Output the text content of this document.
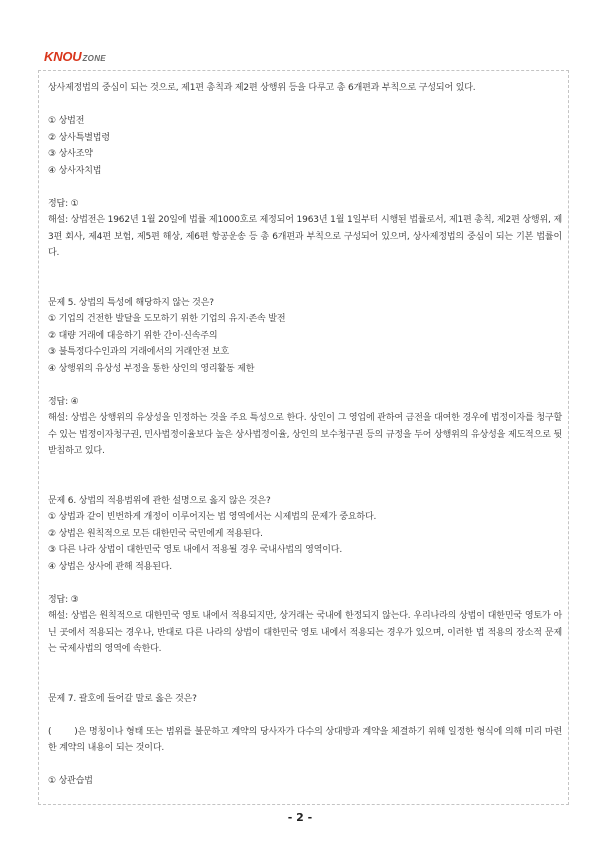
KNOU ZONE

상사제정법의 중심이 되는 것으로, 제1편 총칙과 제2편 상행위 등을 다루고 총 6개편과 부칙으로 구성되어 있다.

① 상법전

② 상사특별법령

③ 상사조약

④ 상사자치법

정답: ①

해설: 상법전은 1962년 1월 20일에 법률 제1000호로 제정되어 1963년 1월 1일부터 시행된 법률로서, 제1편 총칙, 제2편 상행위, 제3편 회사, 제4편 보험, 제5편 해상, 제6편 항공운송 등 총 6개편과 부칙으로 구성되어 있으며, 상사제정법의 중심이 되는 기본 법률이다.

문제 5. 상법의 특성에 해당하지 않는 것은?

① 기업의 건전한 발달을 도모하기 위한 기업의 유지·존속 발전

② 대량 거래에 대응하기 위한 간이·신속주의

③ 불특정다수인과의 거래에서의 거래안전 보호

④ 상행위의 유상성 부정을 통한 상인의 영리활동 제한

정답: ④

해설: 상법은 상행위의 유상성을 인정하는 것을 주요 특성으로 한다. 상인이 그 영업에 관하여 금전을 대여한 경우에 법정이자를 청구할 수 있는 법정이자청구권, 민사법정이율보다 높은 상사법정이율, 상인의 보수청구권 등의 규정을 두어 상행위의 유상성을 제도적으로 뒷받침하고 있다.

문제 6. 상법의 적용범위에 관한 설명으로 옳지 않은 것은?

① 상법과 같이 빈번하게 개정이 이루어지는 법 영역에서는 시제법의 문제가 중요하다.

② 상법은 원칙적으로 모든 대한민국 국민에게 적용된다.

③ 다른 나라 상법이 대한민국 영토 내에서 적용될 경우 국내사법의 영역이다.

④ 상법은 상사에 관해 적용된다.

정답: ③

해설: 상법은 원칙적으로 대한민국 영토 내에서 적용되지만, 상거래는 국내에 한정되지 않는다. 우리나라의 상법이 대한민국 영토가 아닌 곳에서 적용되는 경우나, 반대로 다른 나라의 상법이 대한민국 영토 내에서 적용되는 경우가 있으며, 이러한 법 적용의 장소적 문제는 국제사법의 영역에 속한다.

문제 7. 괄호에 들어갈 말로 옳은 것은?

(        )은 명칭이나 형태 또는 범위를 불문하고 계약의 당사자가 다수의 상대방과 계약을 체결하기 위해 일정한 형식에 의해 미리 마련한 계약의 내용이 되는 것이다.

① 상관습법

- 2 -
